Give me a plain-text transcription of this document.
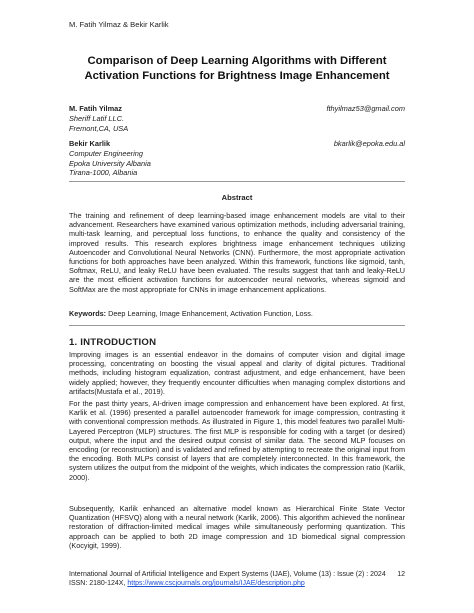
M. Fatih Yilmaz & Bekir Karlik
Comparison of Deep Learning Algorithms with Different
Activation Functions for Brightness Image Enhancement
M. Fatih Yilmaz	fthyilmaz53@gmail.com
Sheriff Latif LLC.
Fremont,CA, USA
Bekir Karlik	bkarlik@epoka.edu.al
Computer Engineering
Epoka University Albania
Tirana-1000, Albania
Abstract
The training and refinement of deep learning-based image enhancement models are vital to their advancement. Researchers have examined various optimization methods, including adversarial training, multi-task learning, and perceptual loss functions, to enhance the quality and consistency of the improved results. This research explores brightness image enhancement techniques utilizing Autoencoder and Convolutional Neural Networks (CNN). Furthermore, the most appropriate activation functions for both approaches have been analyzed. Within this framework, functions like sigmoid, tanh, Softmax, ReLU, and leaky ReLU have been evaluated. The results suggest that tanh and leaky-ReLU are the most efficient activation functions for autoencoder neural networks, whereas sigmoid and SoftMax are the most appropriate for CNNs in image enhancement applications.
Keywords: Deep Learning, Image Enhancement, Activation Function, Loss.
1. INTRODUCTION
Improving images is an essential endeavor in the domains of computer vision and digital image processing, concentrating on boosting the visual appeal and clarity of digital pictures. Traditional methods, including histogram equalization, contrast adjustment, and edge enhancement, have been widely applied; however, they frequently encounter difficulties when managing complex distortions and artifacts(Mustafa et al., 2019).
For the past thirty years, AI-driven image compression and enhancement have been explored. At first, Karlik et al. (1996) presented a parallel autoencoder framework for image compression, contrasting it with conventional compression methods. As illustrated in Figure 1, this model features two parallel Multi-Layered Perceptron (MLP) structures. The first MLP is responsible for coding with a target (or desired) output, where the input and the desired output consist of similar data. The second MLP focuses on encoding (or reconstruction) and is validated and refined by attempting to recreate the original input from the encoding. Both MLPs consist of layers that are completely interconnected. In this framework, the system utilizes the output from the midpoint of the weights, which indicates the compression ratio (Karlik, 2000).
Subsequently, Karlik enhanced an alternative model known as Hierarchical Finite State Vector Quantization (HFSVQ) along with a neural network (Karlik, 2006). This algorithm achieved the nonlinear restoration of diffraction-limited medical images while simultaneously performing quantization. This approach can be applied to both 2D image compression and 1D biomedical signal compression (Kocyigit, 1999).
International Journal of Artificial Intelligence and Expert Systems (IJAE), Volume (13) : Issue (2) : 2024 12
ISSN: 2180-124X, https://www.cscjournals.org/journals/IJAE/description.php
